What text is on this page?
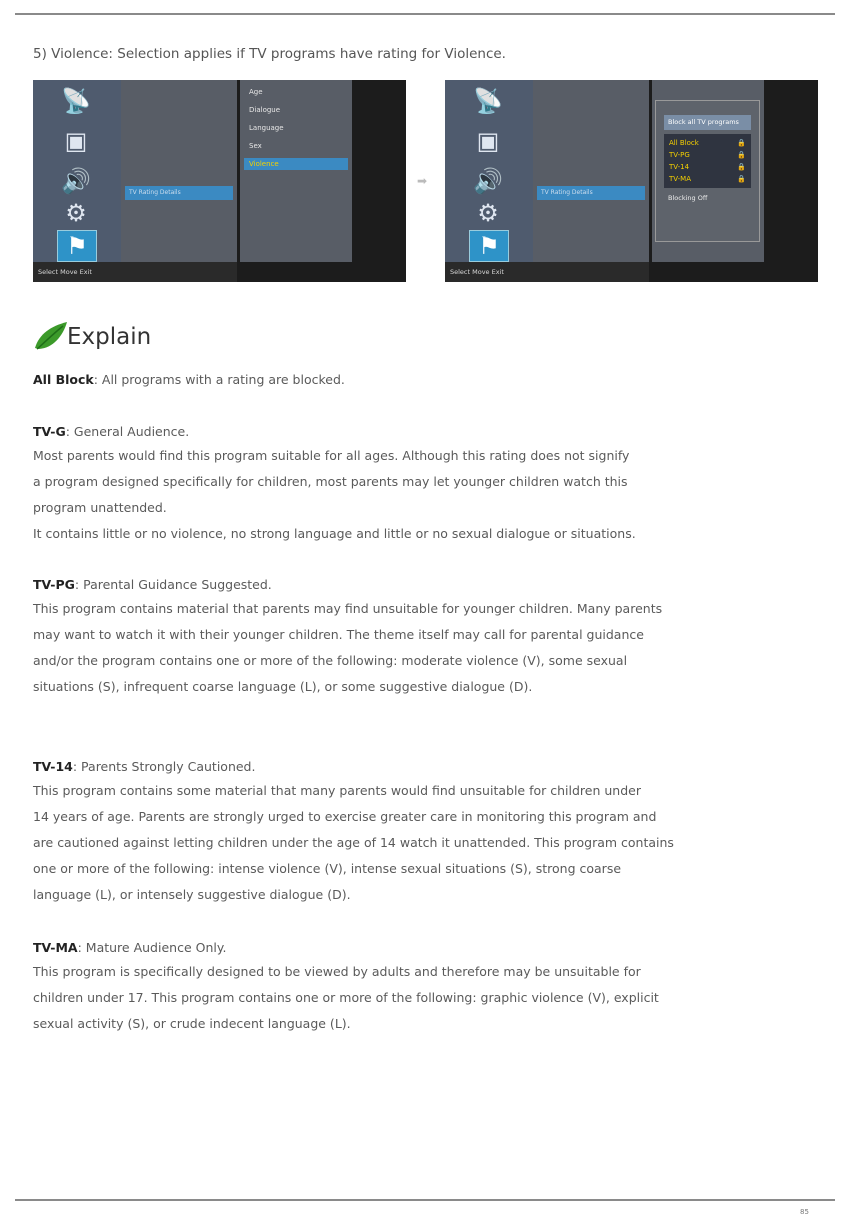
5) Violence: Selection applies if TV programs have rating for Violence.
📡
▣
🔊
⚙
⚑
TV Rating Details
Age
Dialogue
Language
Sex
Violence
Select Move Exit
➡
📡
▣
🔊
⚙
⚑
TV Rating Details
Block all TV programs
All Block	🔒
TV-PG	🔒
TV-14	🔒
TV-MA	🔒
Blocking Off
Select Move Exit
Explain
All Block: All programs with a rating are blocked.
TV-G: General Audience.
Most parents would find this program suitable for all ages. Although this rating does not signify
a program designed specifically for children, most parents may let younger children watch this
program unattended.
It contains little or no violence, no strong language and little or no sexual dialogue or situations.
TV-PG: Parental Guidance Suggested.
This program contains material that parents may find unsuitable for younger children. Many parents
may want to watch it with their younger children. The theme itself may call for parental guidance
and/or the program contains one or more of the following: moderate violence (V), some sexual
situations (S), infrequent coarse language (L), or some suggestive dialogue (D).
TV-14: Parents Strongly Cautioned.
This program contains some material that many parents would find unsuitable for children under
14 years of age. Parents are strongly urged to exercise greater care in monitoring this program and
are cautioned against letting children under the age of 14 watch it unattended. This program contains
one or more of the following: intense violence (V), intense sexual situations (S), strong coarse
language (L), or intensely suggestive dialogue (D).
TV-MA: Mature Audience Only.
This program is specifically designed to be viewed by adults and therefore may be unsuitable for
children under 17. This program contains one or more of the following: graphic violence (V), explicit
sexual activity (S), or crude indecent language (L).
85
